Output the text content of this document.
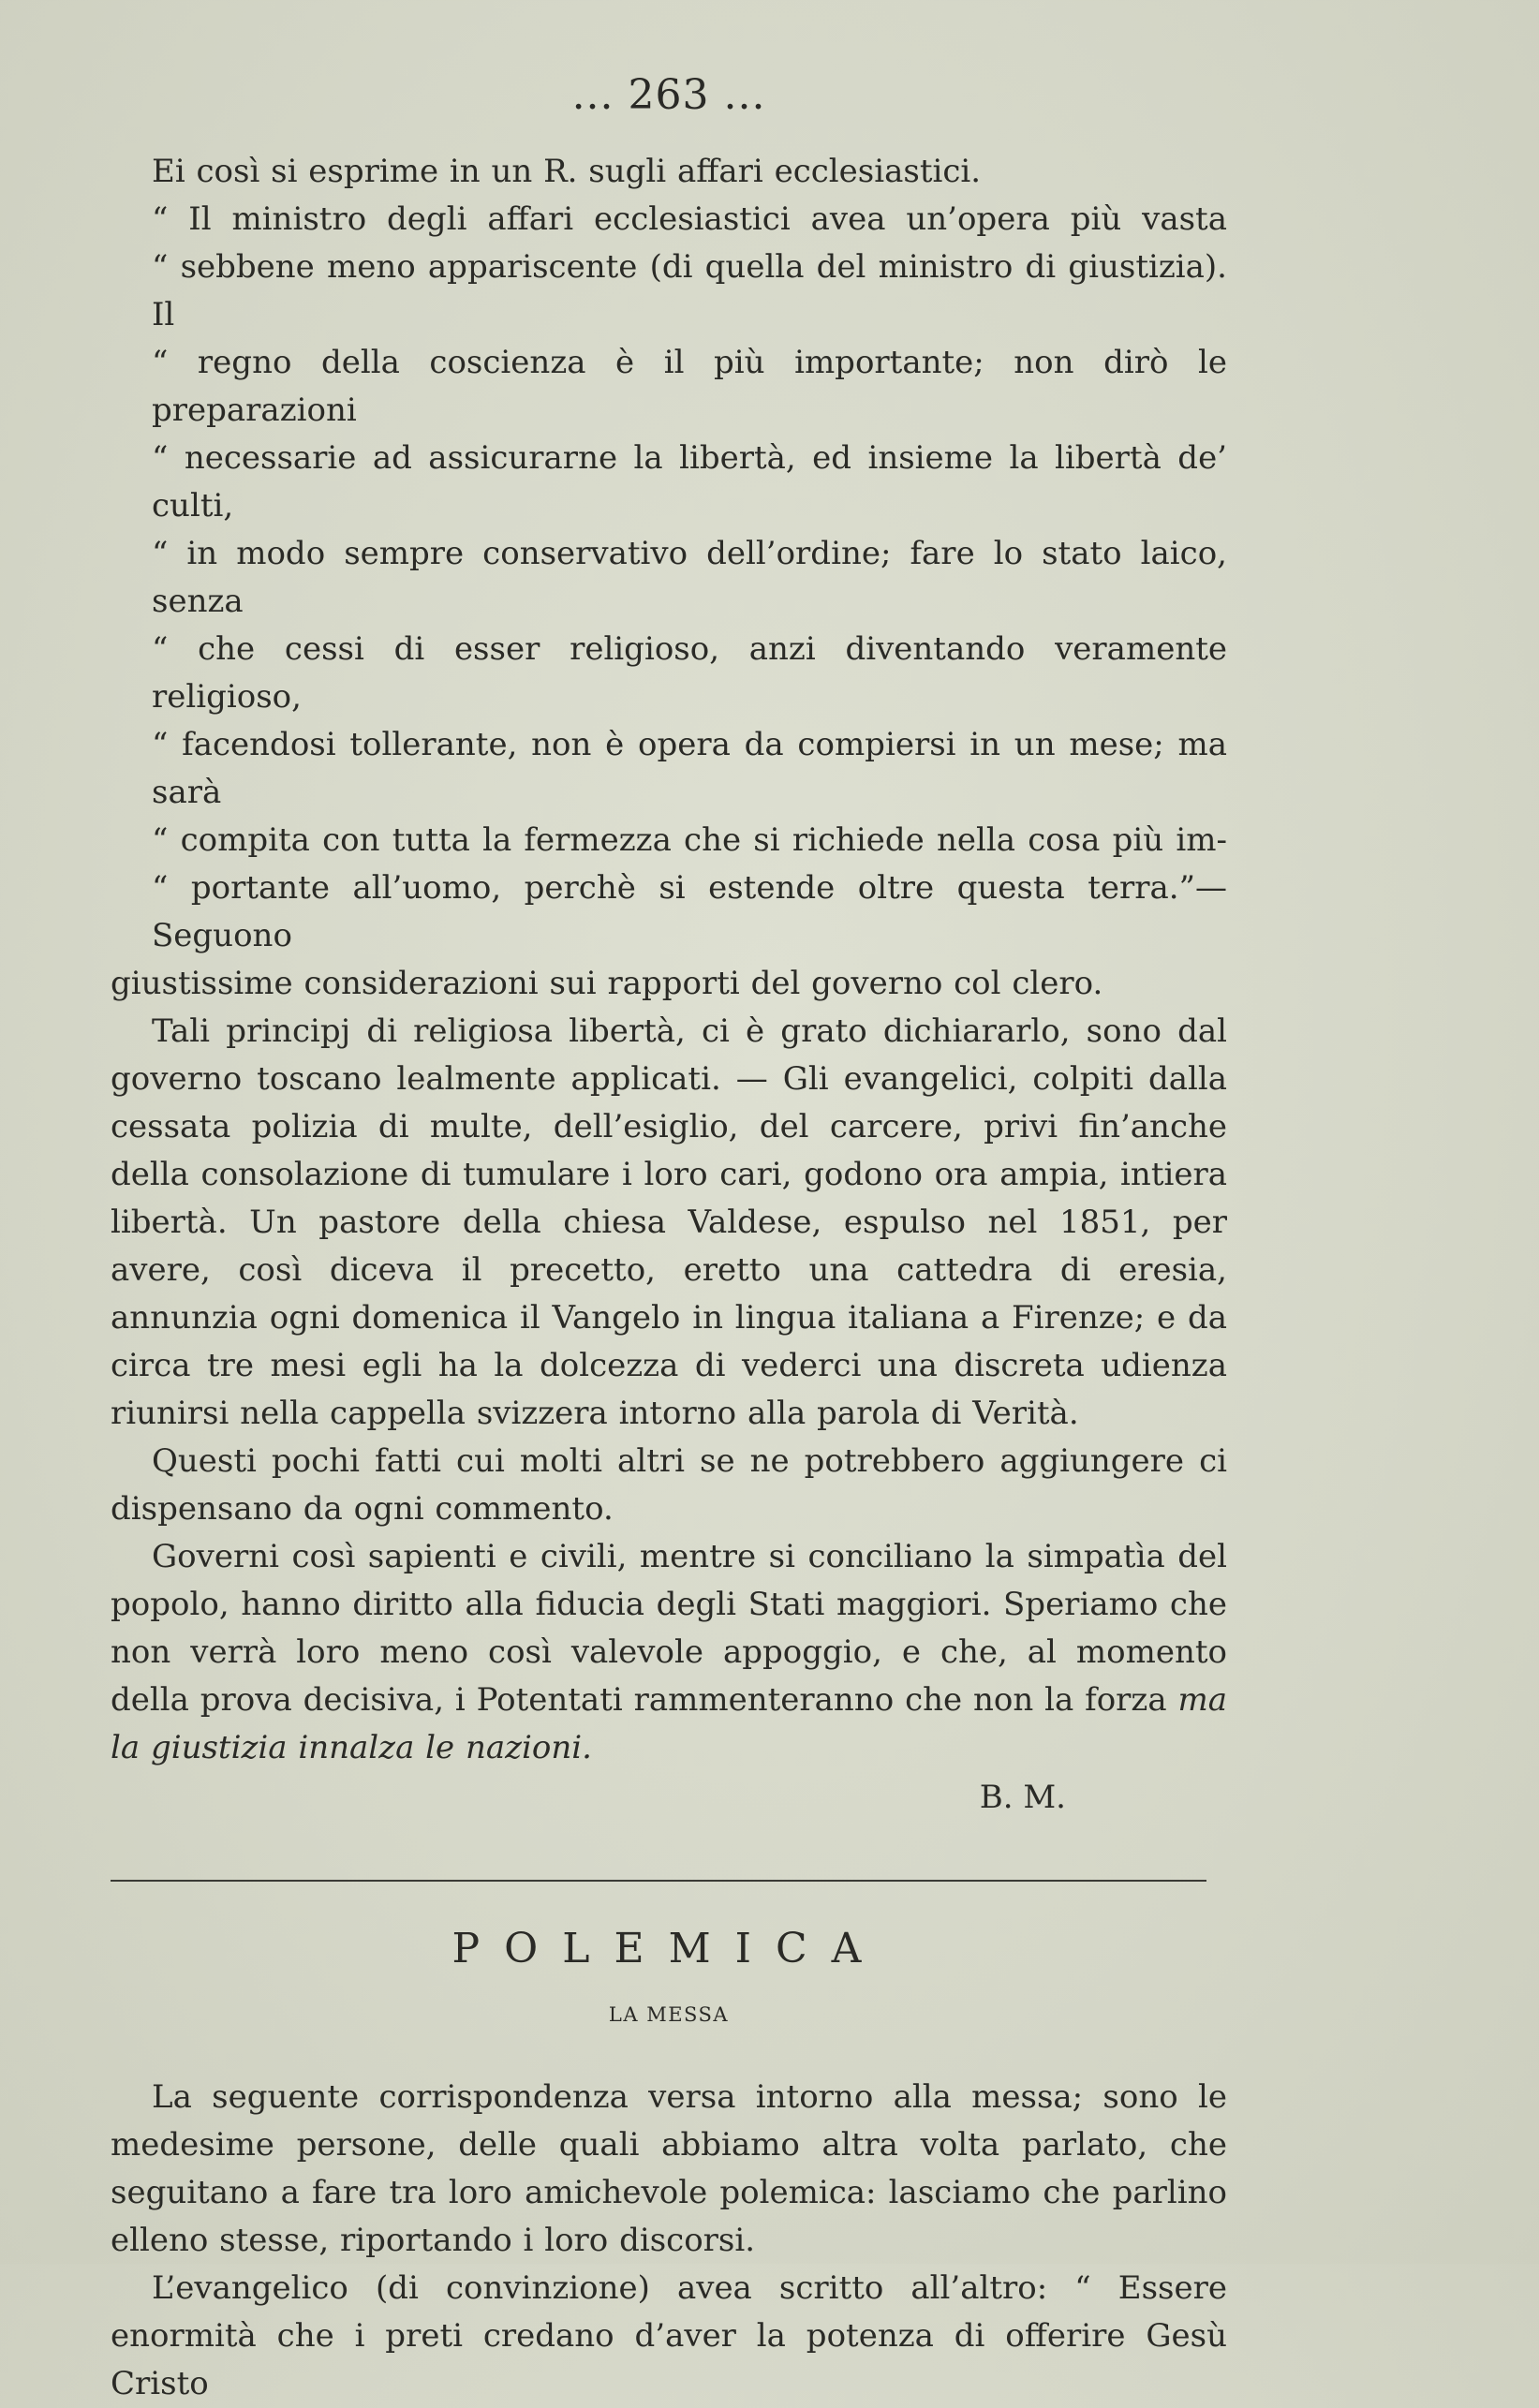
... 263 ...

Ei così si esprime in un R. sugli affari ecclesiastici.

“ Il ministro degli affari ecclesiastici avea un’opera più vasta
“ sebbene meno appariscente (di quella del ministro di giustizia). Il
“ regno della coscienza è il più importante; non dirò le preparazioni
“ necessarie ad assicurarne la libertà, ed insieme la libertà de’ culti,
“ in modo sempre conservativo dell’ordine; fare lo stato laico, senza
“ che cessi di esser religioso, anzi diventando veramente religioso,
“ facendosi tollerante, non è opera da compiersi in un mese; ma sarà
“ compita con tutta la fermezza che si richiede nella cosa più im-
“ portante all’uomo, perchè si estende oltre questa terra.”— Seguono
giustissime considerazioni sui rapporti del governo col clero.

Tali principj di religiosa libertà, ci è grato dichiararlo, sono dal governo toscano lealmente applicati. — Gli evangelici, colpiti dalla cessata polizia di multe, dell’esiglio, del carcere, privi fin’anche della consolazione di tumulare i loro cari, godono ora ampia, intiera libertà. Un pastore della chiesa Valdese, espulso nel 1851, per avere, così diceva il precetto, eretto una cattedra di eresia, annunzia ogni domenica il Vangelo in lingua italiana a Firenze; e da circa tre mesi egli ha la dolcezza di vederci una discreta udienza riunirsi nella cappella svizzera intorno alla parola di Verità.

Questi pochi fatti cui molti altri se ne potrebbero aggiungere ci dispensano da ogni commento.

Governi così sapienti e civili, mentre si conciliano la simpatìa del popolo, hanno diritto alla fiducia degli Stati maggiori. Speriamo che non verrà loro meno così valevole appoggio, e che, al momento della prova decisiva, i Potentati rammenteranno che non la forza ma la giustizia innalza le nazioni.

B. M.
POLEMICA
LA MESSA

La seguente corrispondenza versa intorno alla messa; sono le medesime persone, delle quali abbiamo altra volta parlato, che seguitano a fare tra loro amichevole polemica: lasciamo che parlino elleno stesse, riportando i loro discorsi.

L’evangelico (di convinzione) avea scritto all’altro: “ Essere enormità che i preti credano d’aver la potenza di offerire Gesù Cristo
